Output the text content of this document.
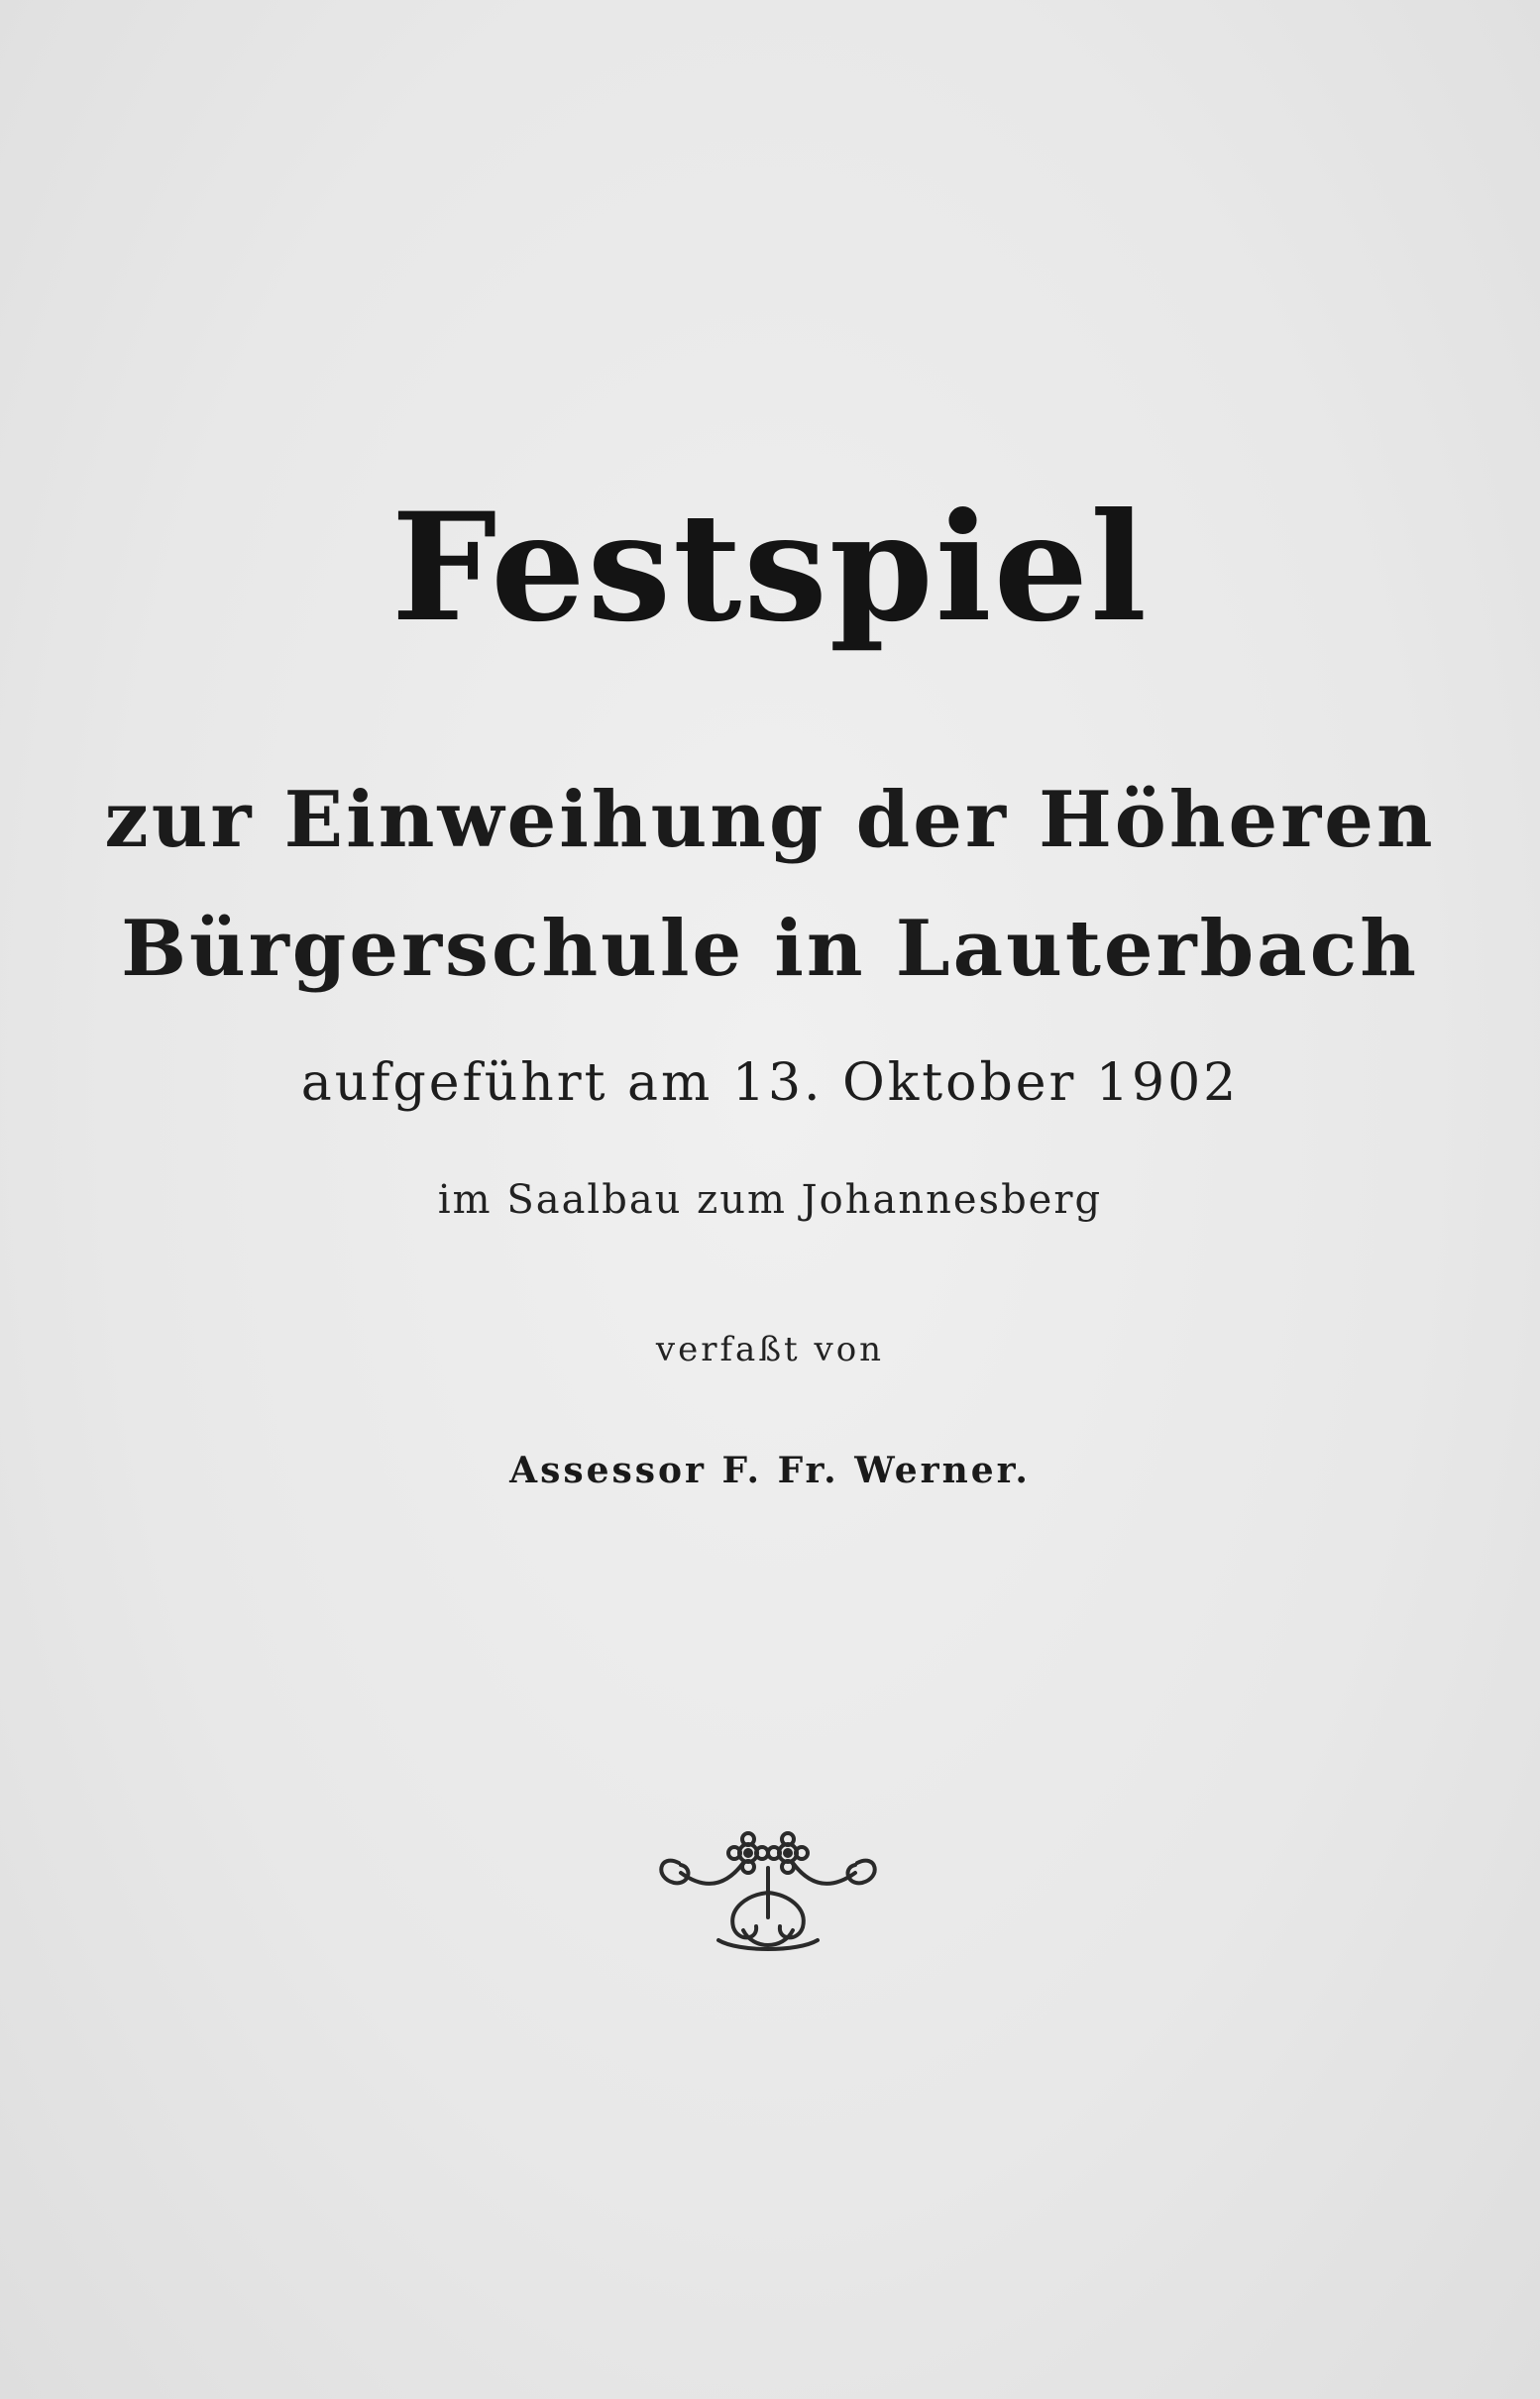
Festspiel

zur Einweihung der Höheren

Bürgerschule in Lauterbach

aufgeführt am 13. Oktober 1902

im Saalbau zum Johannesberg

verfaßt von

Assessor F. Fr. Werner.
